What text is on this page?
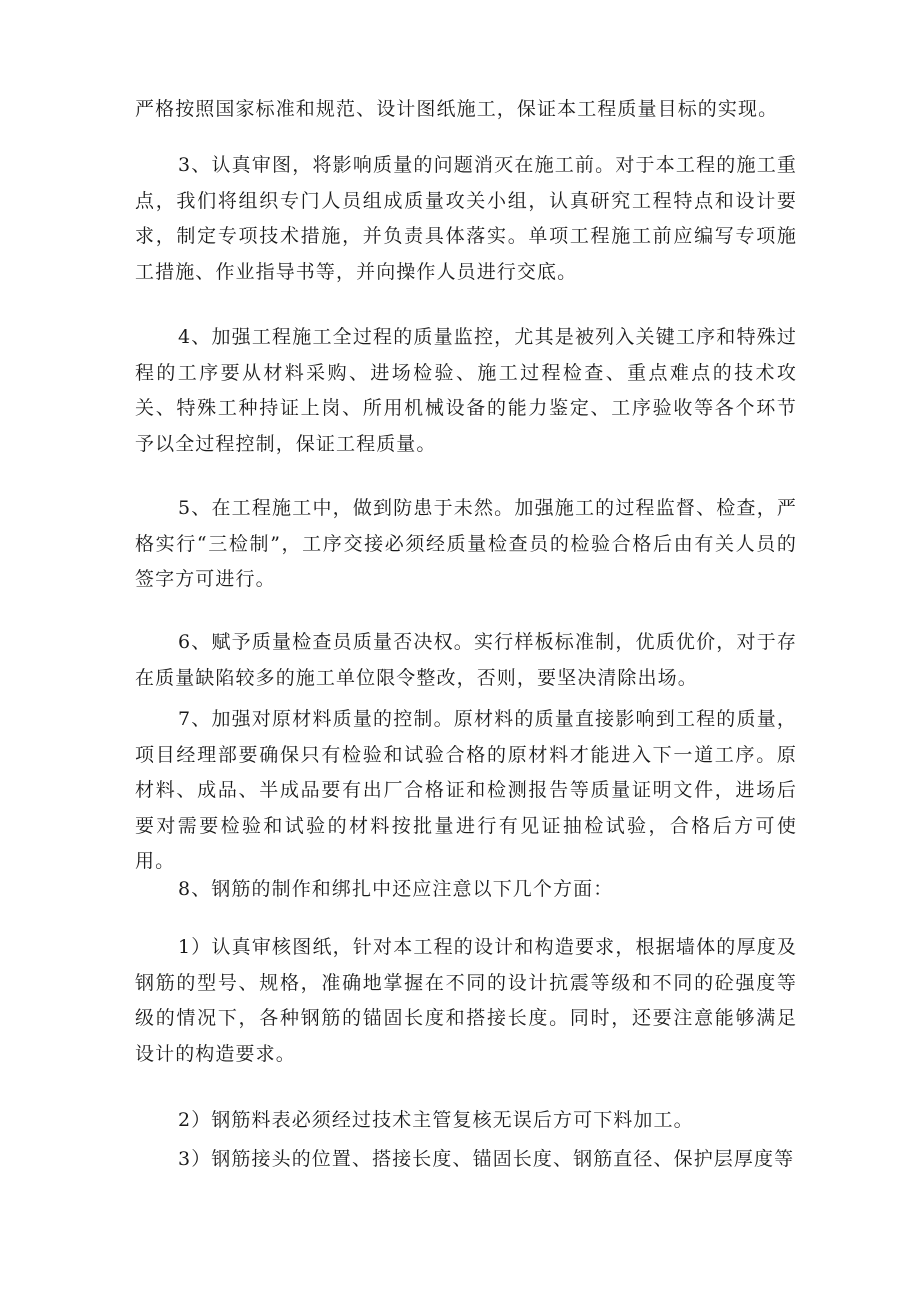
严格按照国家标准和规范、设计图纸施工，保证本工程质量目标的实现。

3、认真审图，将影响质量的问题消灭在施工前。对于本工程的施工重点，我们将组织专门人员组成质量攻关小组，认真研究工程特点和设计要求，制定专项技术措施，并负责具体落实。单项工程施工前应编写专项施工措施、作业指导书等，并向操作人员进行交底。

4、加强工程施工全过程的质量监控，尤其是被列入关键工序和特殊过程的工序要从材料采购、进场检验、施工过程检查、重点难点的技术攻关、特殊工种持证上岗、所用机械设备的能力鉴定、工序验收等各个环节予以全过程控制，保证工程质量。

5、在工程施工中，做到防患于未然。加强施工的过程监督、检查，严格实行“三检制”，工序交接必须经质量检查员的检验合格后由有关人员的签字方可进行。

6、赋予质量检查员质量否决权。实行样板标准制，优质优价，对于存在质量缺陷较多的施工单位限令整改，否则，要坚决清除出场。

7、加强对原材料质量的控制。原材料的质量直接影响到工程的质量，项目经理部要确保只有检验和试验合格的原材料才能进入下一道工序。原材料、成品、半成品要有出厂合格证和检测报告等质量证明文件，进场后要对需要检验和试验的材料按批量进行有见证抽检试验，合格后方可使用。

8、钢筋的制作和绑扎中还应注意以下几个方面：

1）认真审核图纸，针对本工程的设计和构造要求，根据墙体的厚度及钢筋的型号、规格，准确地掌握在不同的设计抗震等级和不同的砼强度等级的情况下，各种钢筋的锚固长度和搭接长度。同时，还要注意能够满足设计的构造要求。

2）钢筋料表必须经过技术主管复核无误后方可下料加工。

3）钢筋接头的位置、搭接长度、锚固长度、钢筋直径、保护层厚度等
